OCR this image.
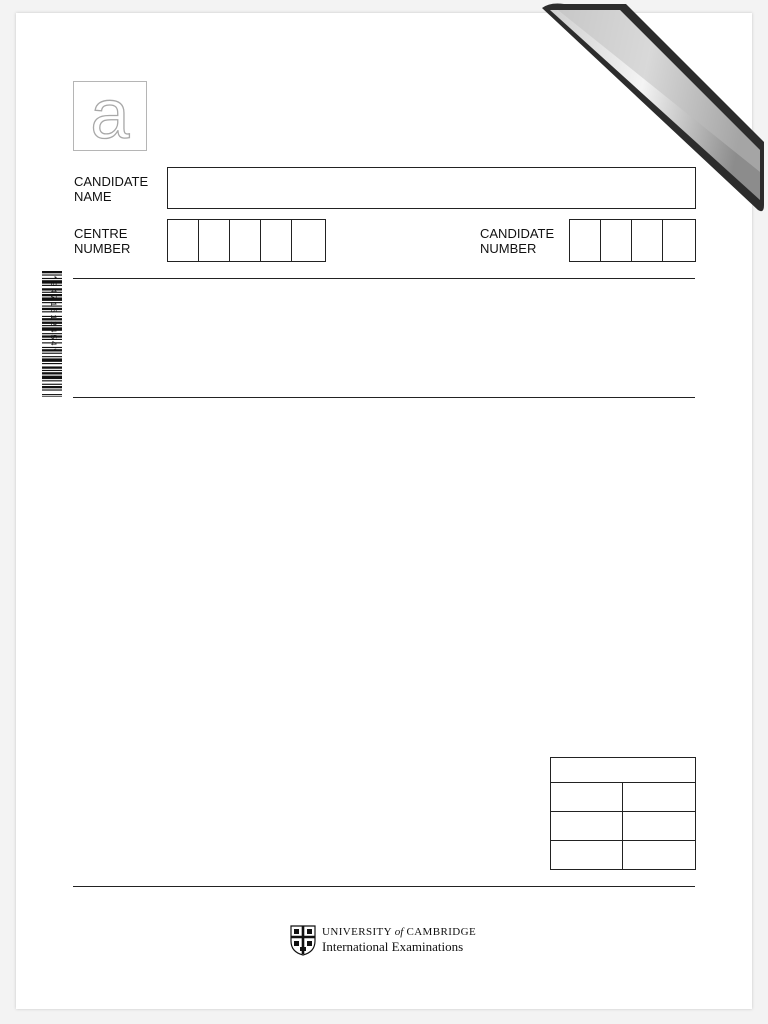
a
CANDIDATE
NAME
CENTRE
NUMBER
CANDIDATE
NUMBER
*9471512454*
UNIVERSITY of CAMBRIDGE
International Examinations
